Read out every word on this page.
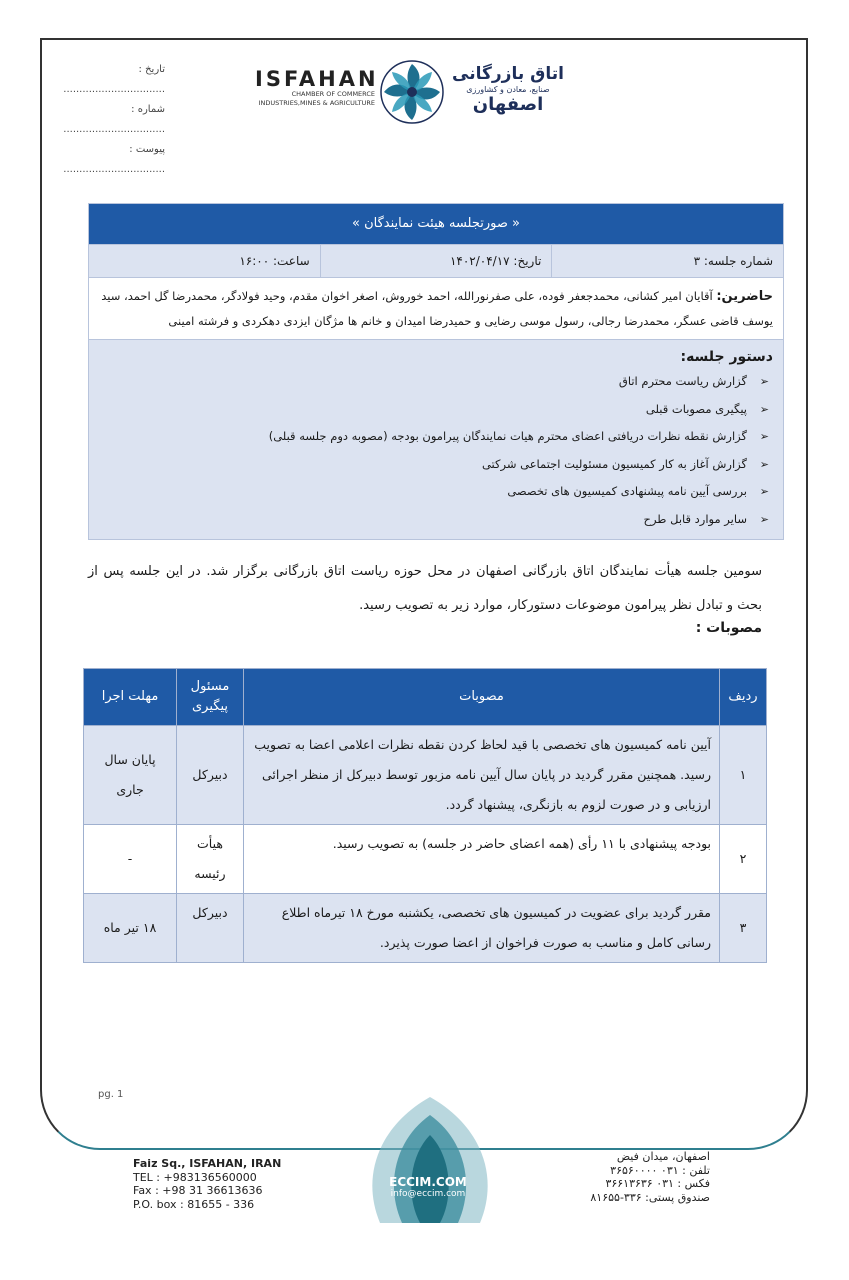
تاریخ : ................................
شماره : ................................
پیوست : ................................
ISFAHAN
CHAMBER OF COMMERCE
INDUSTRIES,MINES & AGRICULTURE
اتاق بازرگانی
صنایع، معادن و کشاورزی
اصفهان
« صورتجلسه هیئت نمایندگان »
شماره جلسه: ۳
تاریخ: ۱۴۰۲/۰۴/۱۷
ساعت: ۱۶:۰۰
حاضرین: آقایان امیر کشانی، محمدجعفر فوده، علی صفرنورالله، احمد خوروش، اصغر اخوان مقدم، وحید فولادگر، محمدرضا گل احمد، سید یوسف قاضی عسگر، محمدرضا رجالی، رسول موسی رضایی و حمیدرضا امیدان و خانم ها مژگان ایزدی دهکردی و فرشته امینی
دستور جلسه:
➢گزارش ریاست محترم اتاق
➢پیگیری مصوبات قبلی
➢گزارش نقطه نظرات دریافتی اعضای محترم هیات نمایندگان پیرامون بودجه (مصوبه دوم جلسه قبلی)
➢گزارش آغاز به کار کمیسیون مسئولیت اجتماعی شرکتی
➢بررسی آیین نامه پیشنهادی کمیسیون های تخصصی
➢سایر موارد قابل طرح
سومین جلسه هیأت نمایندگان اتاق بازرگانی اصفهان در محل حوزه ریاست اتاق بازرگانی برگزار شد. در این جلسه پس از بحث و تبادل نظر پیرامون موضوعات دستورکار، موارد زیر به تصویب رسید.
مصوبات :
ردیف	مصوبات	مسئول پیگیری	مهلت اجرا
۱	آیین نامه کمیسیون های تخصصی با قید لحاظ کردن نقطه نظرات اعلامی اعضا به تصویب رسید. همچنین مقرر گردید در پایان سال آیین نامه مزبور توسط دبیرکل از منظر اجرائی ارزیابی و در صورت لزوم به بازنگری، پیشنهاد گردد.	دبیرکل	پایان سال جاری
۲	بودجه پیشنهادی با ۱۱ رأی (همه اعضای حاضر در جلسه) به تصویب رسید.	هیأت رئیسه	-
۳	مقرر گردید برای عضویت در کمیسیون های تخصصی، یکشنبه مورخ ۱۸ تیرماه اطلاع رسانی کامل و مناسب به صورت فراخوان از اعضا صورت پذیرد.	دبیرکل	۱۸ تیر ماه
pg. 1
Faiz Sq., ISFAHAN, IRAN
TEL : +983136560000
Fax : +98 31 36613636
P.O. box : 81655 - 336
ECCIM.COM
info@eccim.com
اصفهان، میدان فیض
تلفن : ۰۳۱ ۳۶۵۶۰۰۰۰
فکس : ۰۳۱ ۳۶۶۱۳۶۳۶
صندوق پستی: ۳۳۶-۸۱۶۵۵
